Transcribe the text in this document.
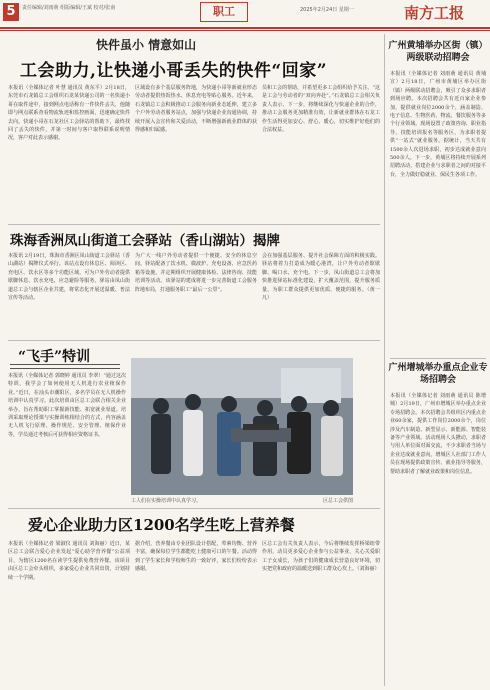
5	责任编辑/刘雨萌 组版编辑/王斌 校对/张南	职工	2025年2月24日 星期一	南方工报
快件虽小 情意如山
工会助力,让快递小哥丢失的快件“回家”
本报讯（全媒体记者 叶慧 通讯员 黄东平）2月18日，东莞市石龙镇总工会组织石龙某快递公司的一名快递小哥在取件途中，接到网点电话称有一件快件丢失，他随即与网点联系查看物流轨迹和监控画面，迅速确定快件去向。快递小哥在石龙社区工会驿站的帮助下，最终找回了丢失的快件，并第一时间与客户取得联系说明情况，客户对此表示感谢。
区域设有多个基层服务阵地，为快递小哥等新就业形态劳动者提供热饭热水、休息充电等贴心服务。近年来，石龙镇总工会积极推动工会服务向新业态延伸，建立多个户外劳动者服务站点，加强与快递企业沟通协调，持续开展入会宣传和关爱活动，不断增强新就业群体的获得感和归属感。
员和工会的帮助，并希望更多工会组织给予关注。“这是工会与劳动者的“双向奔赴”。”石龙镇总工会相关负责人表示，下一步，将继续深化与快递企业的合作，推动工会服务更加精准有效，让新就业群体在石龙工作生活得更加安心、舒心、暖心，切实维护好他们的合法权益。
珠海香洲凤山街道工会驿站（香山湖站）揭牌
本报讯 2月19日，珠海市香洲区凤山街道工会驿站（香山湖站）揭牌仪式举行。该站点设有休息区、阅读区、充电区、饮水区等多个功能区域，可为户外劳动者提供歇脚休息、饮水充电、应急避险等服务。驿站由凤山街道总工会与辖区企业共建，将常态化开展送温暖、普法宣传等活动。
为广大一线户外劳动者提供一个便捷、安全的休息空间。驿站配备了饮水机、微波炉、充电设备、应急医药箱等设施，并定期组织开展健康体检、法律咨询、技能培训等活动。该驿站的建成将进一步完善街道工会服务阵地布局，打通服务职工“最后一公里”。
会在加强基层服务、提升社会保障方面的积极实践。驿站将着力打造成为暖心港湾，让户外劳动者歇歇脚、喝口水、充个电。下一步，凤山街道总工会将加快推进驿站标准化建设，扩大覆盖范围，提升服务质量，为职工群众提供更加优质、便捷的服务。（黄一凡）
“飞手”特训
本报讯（全媒体记者 郭晓婷 通讯员 李翠）“通过这次特训，我学会了如何使用无人机进行农业植保作业。”近日，在汕头市潮阳区，多名学员在无人机操作培训中认真学习。此次培训由区总工会联合相关企业举办，旨在帮助职工掌握新技能、拓宽就业渠道。培训采取理论授课与实操训练相结合的方式，内容涵盖无人机飞行原理、操作规范、安全管理、植保作业等，学员通过考核后可获得相应资格证书。
工人们在实操培训中认真学习。	区总工会供图
爱心企业助力区1200名学生吃上营养餐
本报讯（全媒体记者 梁淑仪 通讯员 刘海丽）近日，某区总工会联合爱心企业发起“爱心助学营养餐”公益项目，为辖区1200名在读学生提供免费营养餐。该项目由区总工会牵头组织，多家爱心企业共同出资，计划持续一个学期。
据介绍，营养餐由专业团队设计搭配，荤素均衡、营养丰富，确保每位学生都能吃上健康可口的午餐。活动得到了学生家长和学校师生的一致好评，家长们纷纷表示感谢。
区总工会有关负责人表示，今后将继续发挥桥梁纽带作用，动员更多爱心企业参与公益事业，关心关爱职工子女成长，为孩子们的健康成长营造良好环境，切实把党和政府的温暖送到职工群众心坎上。（刘海丽）
广州黄埔举办区街（镇）两级联动招聘会
本报讯（全媒体记者 刘雨萌 通讯员 黄埔宣）2月18日，广州市黄埔区举办区街（镇）两级联动招聘会，吸引了众多求职者到场应聘。本次招聘会共有近百家企业参加，提供就业岗位2000余个，涵盖制造、电子信息、生物医药、物流、餐饮服务等多个行业领域。现场设置了政策咨询、职业指导、技能培训报名等服务区，为求职者提供“一站式”就业服务。据统计，当天共有1500余人次进场求职，初步达成就业意向500余人。下一步，黄埔区将持续开展系列招聘活动，搭建企业与求职者之间的对接平台，全力做好稳就业、保民生各项工作。
广州增城举办重点企业专场招聘会
本报讯（全媒体记者 刘雨萌 通讯员 陈增城）2月19日，广州市增城区举办重点企业专场招聘会。本次招聘会共组织区内重点企业60余家，提供工作岗位2000余个，岗位涉及汽车制造、新型显示、新能源、智能装备等产业领域。活动现场人头攒动，求职者与用人单位面对面交流，不少求职者当场与企业达成就业意向。增城区人社部门工作人员在现场提供政策宣传、就业指导等服务，帮助求职者了解就业政策和岗位信息。
